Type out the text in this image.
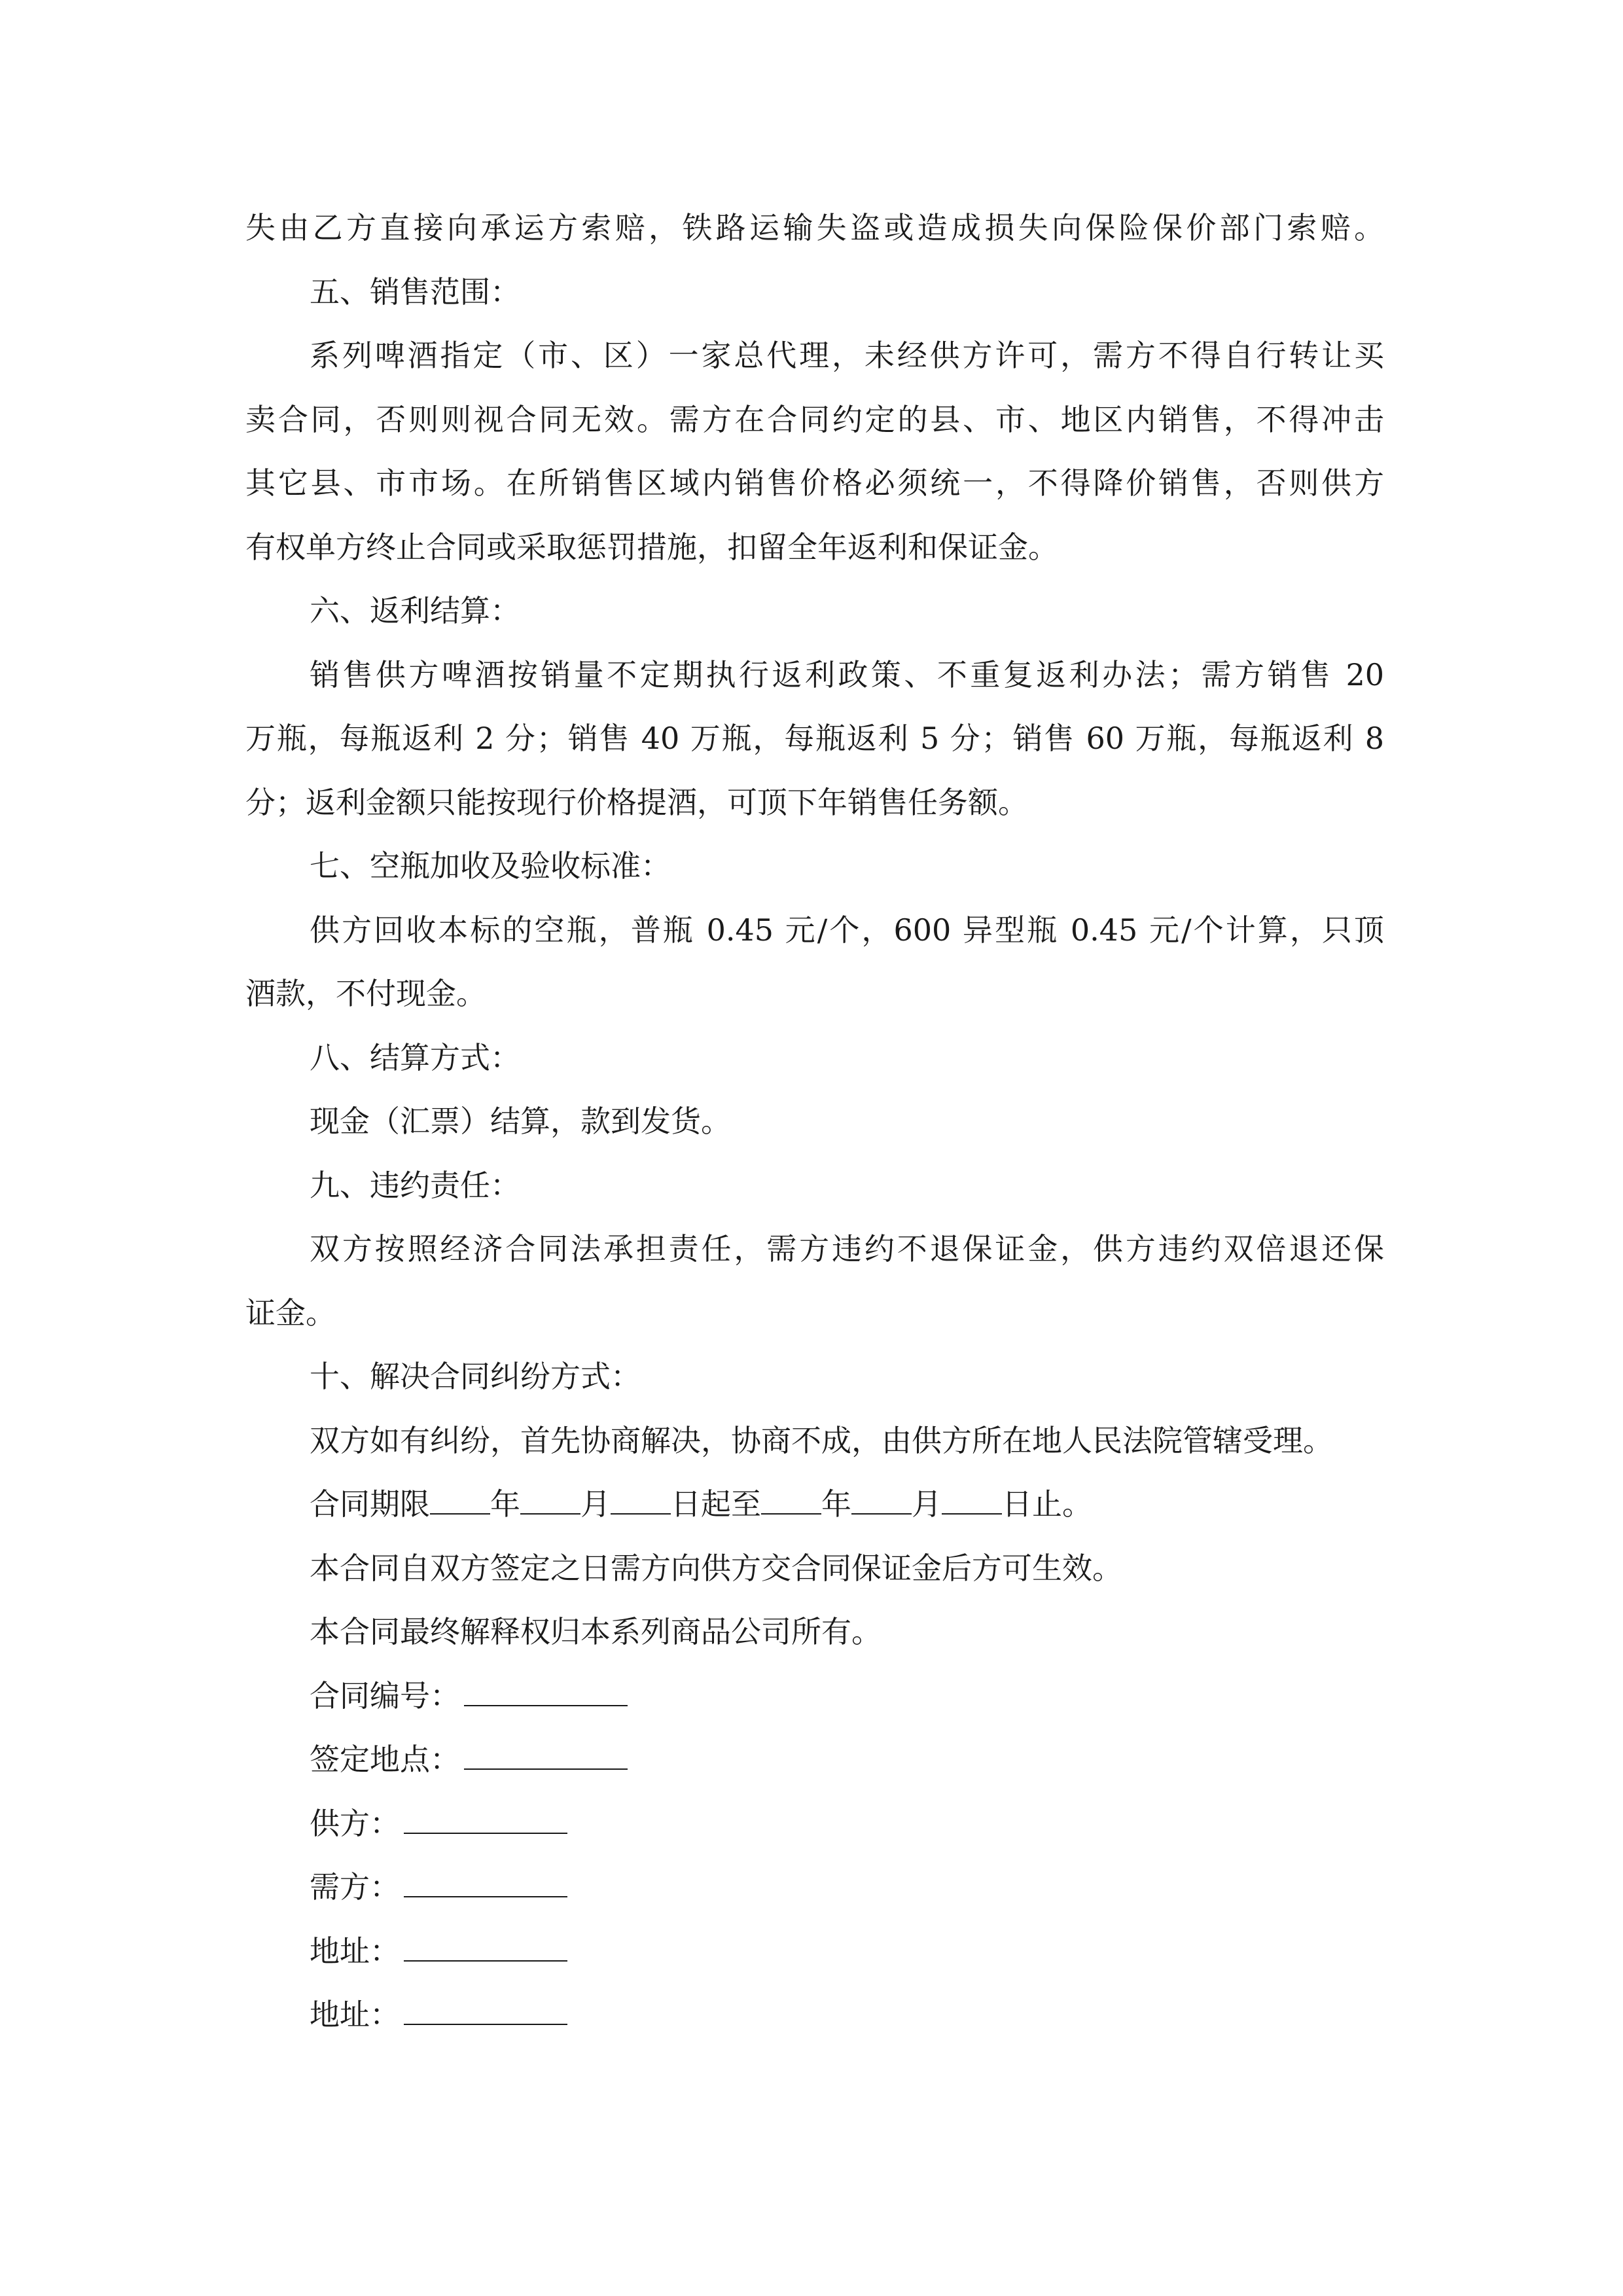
失由乙方直接向承运方索赔，铁路运输失盗或造成损失向保险保价部门索赔。
五、销售范围：
系列啤酒指定（市、区）一家总代理，未经供方许可，需方不得自行转让买
卖合同，否则则视合同无效。需方在合同约定的县、市、地区内销售，不得冲击
其它县、市市场。在所销售区域内销售价格必须统一，不得降价销售，否则供方
有权单方终止合同或采取惩罚措施，扣留全年返利和保证金。
六、返利结算：
销售供方啤酒按销量不定期执行返利政策、不重复返利办法；需方销售 20
万瓶，每瓶返利 2 分；销售 40 万瓶，每瓶返利 5 分；销售 60 万瓶，每瓶返利 8
分；返利金额只能按现行价格提酒，可顶下年销售任务额。
七、空瓶加收及验收标准：
供方回收本标的空瓶，普瓶 0.45 元/个，600 异型瓶 0.45 元/个计算，只顶
酒款，不付现金。
八、结算方式：
现金（汇票）结算，款到发货。
九、违约责任：
双方按照经济合同法承担责任，需方违约不退保证金，供方违约双倍退还保
证金。
十、解决合同纠纷方式：
双方如有纠纷，首先协商解决，协商不成，由供方所在地人民法院管辖受理。
合同期限 年 月 日起至 年 月 日止。
本合同自双方签定之日需方向供方交合同保证金后方可生效。
本合同最终解释权归本系列商品公司所有。
合同编号：
签定地点：
供方：
需方：
地址：
地址：
